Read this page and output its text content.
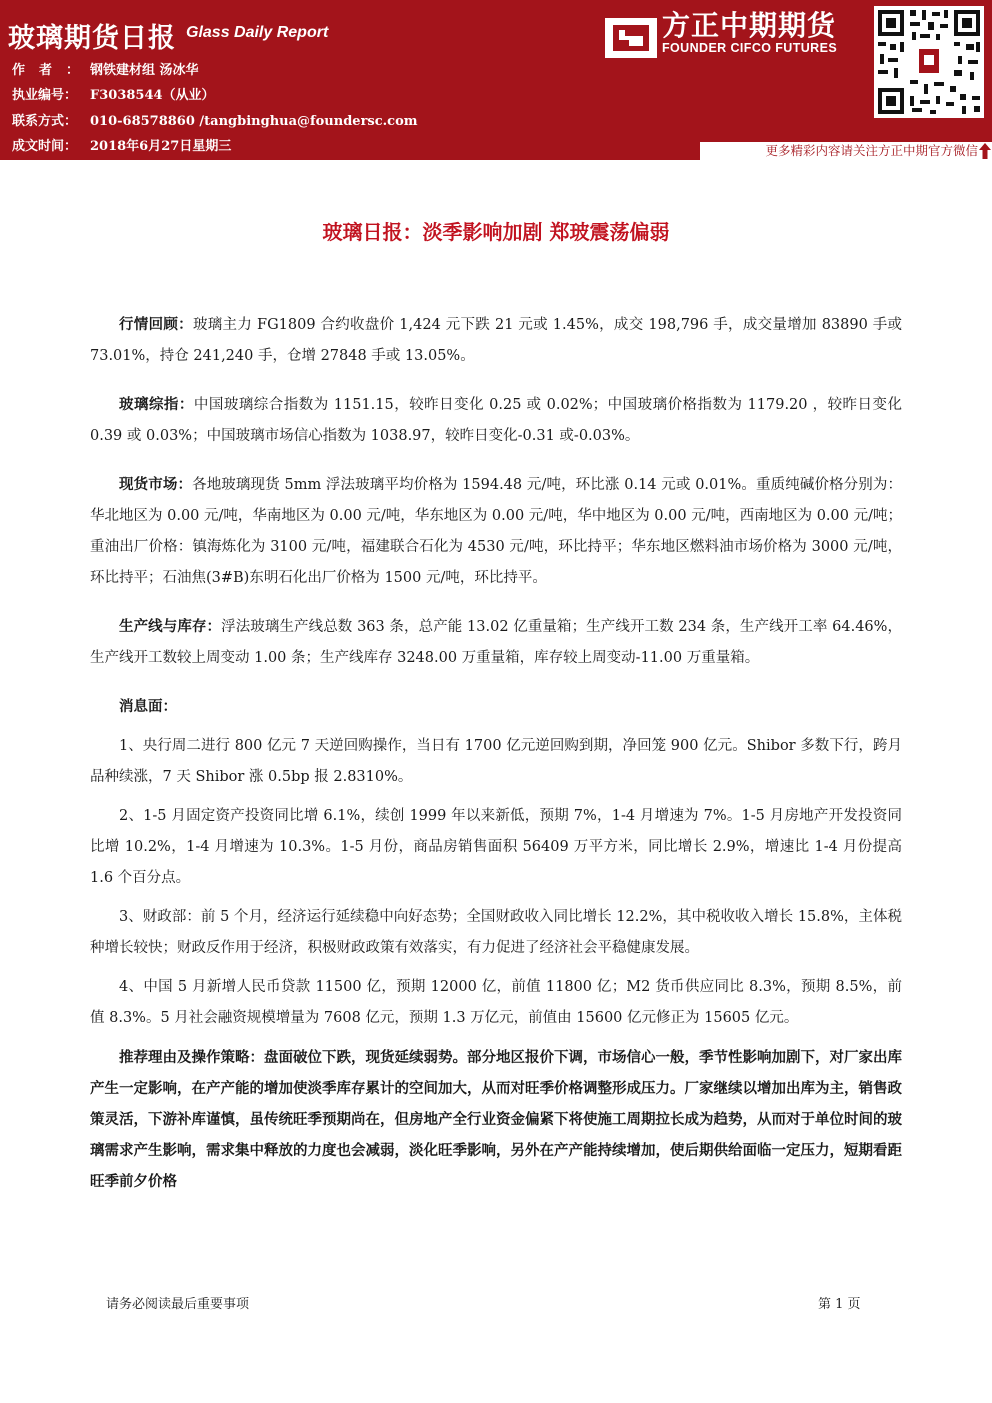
玻璃期货日报 Glass Daily Report
作者：钢铁建材组 汤冰华
执业编号： F3038544（从业）
联系方式： 010-68578860 /tangbinghua@foundersc.com
成文时间： 2018年6月27日星期三
方正中期期货
FOUNDER CIFCO FUTURES
更多精彩内容请关注方正中期官方微信
玻璃日报：淡季影响加剧 郑玻震荡偏弱

行情回顾：玻璃主力 FG1809 合约收盘价 1,424 元下跌 21 元或 1.45%，成交 198,796 手，成交量增加 83890 手或 73.01%，持仓 241,240 手，仓增 27848 手或 13.05%。

玻璃综指：中国玻璃综合指数为 1151.15，较昨日变化 0.25 或 0.02%；中国玻璃价格指数为 1179.20 ，较昨日变化 0.39 或 0.03%；中国玻璃市场信心指数为 1038.97，较昨日变化-0.31 或-0.03%。

现货市场：各地玻璃现货 5mm 浮法玻璃平均价格为 1594.48 元/吨，环比涨 0.14 元或 0.01%。重质纯碱价格分别为：华北地区为 0.00 元/吨，华南地区为 0.00 元/吨，华东地区为 0.00 元/吨，华中地区为 0.00 元/吨，西南地区为 0.00 元/吨；重油出厂价格：镇海炼化为 3100 元/吨，福建联合石化为 4530 元/吨，环比持平；华东地区燃料油市场价格为 3000 元/吨，环比持平；石油焦(3#B)东明石化出厂价格为 1500 元/吨，环比持平。

生产线与库存：浮法玻璃生产线总数 363 条，总产能 13.02 亿重量箱；生产线开工数 234 条，生产线开工率 64.46%，生产线开工数较上周变动 1.00 条；生产线库存 3248.00 万重量箱，库存较上周变动-11.00 万重量箱。

消息面：

1、央行周二进行 800 亿元 7 天逆回购操作，当日有 1700 亿元逆回购到期，净回笼 900 亿元。Shibor 多数下行，跨月品种续涨，7 天 Shibor 涨 0.5bp 报 2.8310%。

2、1-5 月固定资产投资同比增 6.1%，续创 1999 年以来新低，预期 7%，1-4 月增速为 7%。1-5 月房地产开发投资同比增 10.2%，1-4 月增速为 10.3%。1-5 月份，商品房销售面积 56409 万平方米，同比增长 2.9%，增速比 1-4 月份提高 1.6 个百分点。

3、财政部：前 5 个月，经济运行延续稳中向好态势；全国财政收入同比增长 12.2%，其中税收收入增长 15.8%，主体税种增长较快；财政反作用于经济，积极财政政策有效落实，有力促进了经济社会平稳健康发展。

4、中国 5 月新增人民币贷款 11500 亿，预期 12000 亿，前值 11800 亿；M2 货币供应同比 8.3%，预期 8.5%，前值 8.3%。5 月社会融资规模增量为 7608 亿元，预期 1.3 万亿元，前值由 15600 亿元修正为 15605 亿元。

推荐理由及操作策略：盘面破位下跌，现货延续弱势。部分地区报价下调，市场信心一般，季节性影响加剧下，对厂家出库产生一定影响，在产产能的增加使淡季库存累计的空间加大，从而对旺季价格调整形成压力。厂家继续以增加出库为主，销售政策灵活，下游补库谨慎，虽传统旺季预期尚在，但房地产全行业资金偏紧下将使施工周期拉长成为趋势，从而对于单位时间的玻璃需求产生影响，需求集中释放的力度也会减弱，淡化旺季影响，另外在产产能持续增加，使后期供给面临一定压力，短期看距旺季前夕价格

请务必阅读最后重要事项	第 1 页
